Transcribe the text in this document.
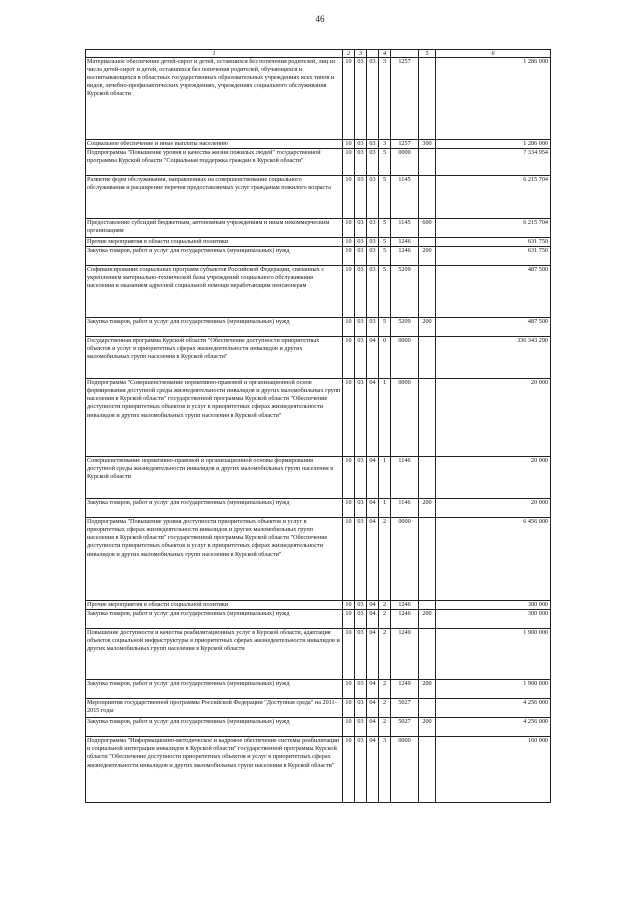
46
1	2	3		4		5	6
Материальное обеспечение детей-сирот и детей, оставшихся без попечения родителей, лиц из числа детей-сирот и детей, оставшихся без попечения родителей, обучающихся и воспитывающихся в областных государственных образовательных учреждениях всех типов и видов, лечебно-профилактических учреждениях, учреждениях социального обслуживания Курской области	10	03	03	3	1257		1 286 000
Социальное обеспечение и иные выплаты населению	10	03	03	3	1257	300	1 286 000
Подпрограмма "Повышение уровня и качества жизни пожилых людей" государственной программы Курской области "Социальная поддержка граждан в Курской области"	10	03	03	5	0000		7 334 954
Развитие форм обслуживания, направленных на совершенствование социального обслуживания и расширение перечня предоставляемых услуг гражданам пожилого возраста	10	03	03	5	1145		6 215 704
Предоставление субсидий бюджетным, автономным учреждениям и иным некоммерческим организациям	10	03	03	5	1145	600	6 215 704
Прочие мероприятия в области социальной политики	10	03	03	5	1246		631 750
Закупка товаров, работ и услуг для государственных (муниципальных) нужд	10	03	03	5	1246	200	631 750
Софинансирование социальных программ субъектов Российской Федерации, связанных с укреплением материально-технической базы учреждений социального обслуживания населения и оказанием адресной социальной помощи неработающим пенсионерам	10	03	03	5	5209		487 500
Закупка товаров, работ и услуг для государственных (муниципальных) нужд	10	03	03	5	5209	200	487 500
Государственная программа Курской области "Обеспечение доступности приоритетных объектов и услуг в приоритетных сферах жизнедеятельности инвалидов и других маломобильных групп населения в Курской области"	10	03	04	0	0000		336 343 290
Подпрограмма "Совершенствование нормативно-правовой и организационной основ формирования доступной среды жизнедеятельности инвалидов и других маломобильных групп населения в Курской области" государственной программы Курской области "Обеспечение доступности приоритетных объектов и услуг в приоритетных сферах жизнедеятельности инвалидов и других маломобильных групп населения в Курской области"	10	03	04	1	0000		20 000
Совершенствование нормативно-правовой и организационной основы формирования доступной среды жизнедеятельности инвалидов и других маломобильных групп населения в Курской области	10	03	04	1	1146		20 000
Закупка товаров, работ и услуг для государственных (муниципальных) нужд	10	03	04	1	1146	200	20 000
Подпрограмма "Повышение уровня доступности приоритетных объектов и услуг в приоритетных сферах жизнедеятельности инвалидов и других маломобильных групп населения в Курской области" государственной программы Курской области "Обеспечение доступности приоритетных объектов и услуг в приоритетных сферах жизнедеятельности инвалидов и других маломобильных групп населения в Курской области"	10	03	04	2	0000		6 456 000
Прочие мероприятия в области социальной политики	10	03	04	2	1246		300 000
Закупка товаров, работ и услуг для государственных (муниципальных) нужд	10	03	04	2	1246	200	300 000
Повышение доступности и качества реабилитационных услуг в Курской области, адаптация объектов социальной инфраструктуры в приоритетных сферах жизнедеятельности инвалидов и других маломобильных групп населения в Курской области	10	03	04	2	1249		1 900 000
Закупка товаров, работ и услуг для государственных (муниципальных) нужд	10	03	04	2	1249	200	1 900 000
Мероприятия государственной программы Российской Федерации "Доступная среда" на 2011-2015 годы	10	03	04	2	5027		4 256 000
Закупка товаров, работ и услуг для государственных (муниципальных) нужд	10	03	04	2	5027	200	4 256 000
Подпрограмма "Информационно-методическое и кадровое обеспечение системы реабилитации и социальной интеграции инвалидов в Курской области" государственной программы Курской области "Обеспечение доступности приоритетных объектов и услуг в приоритетных сферах жизнедеятельности инвалидов и других маломобильных групп населения в Курской области"	10	03	04	3	0000		160 000
